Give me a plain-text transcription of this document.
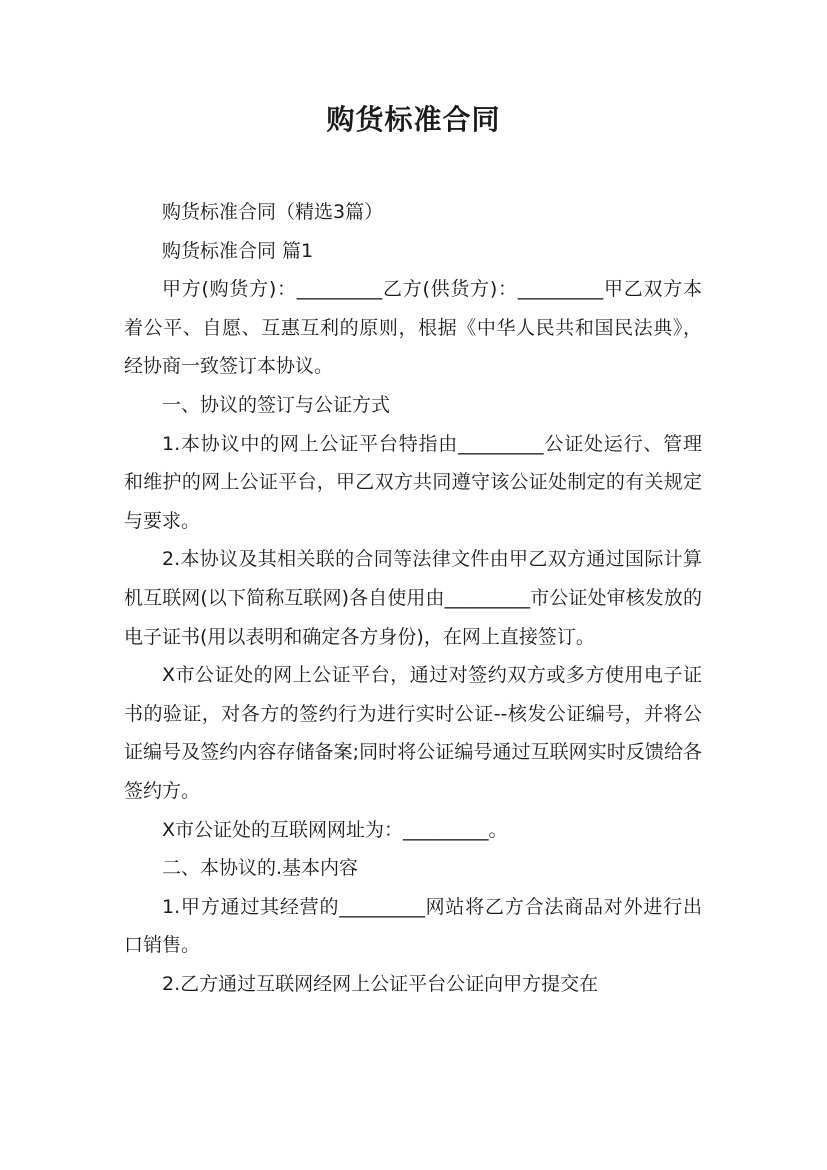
购货标准合同

购货标准合同（精选3篇）

购货标准合同 篇1

甲方(购货方)：_________乙方(供货方)：_________甲乙双方本着公平、自愿、互惠互利的原则，根据《中华人民共和国民法典》，经协商一致签订本协议。

一、协议的签订与公证方式

1.本协议中的网上公证平台特指由_________公证处运行、管理和维护的网上公证平台，甲乙双方共同遵守该公证处制定的有关规定与要求。

2.本协议及其相关联的合同等法律文件由甲乙双方通过国际计算机互联网(以下简称互联网)各自使用由_________市公证处审核发放的电子证书(用以表明和确定各方身份)，在网上直接签订。

X市公证处的网上公证平台，通过对签约双方或多方使用电子证书的验证，对各方的签约行为进行实时公证--核发公证编号，并将公证编号及签约内容存储备案;同时将公证编号通过互联网实时反馈给各签约方。

X市公证处的互联网网址为：_________。

二、本协议的.基本内容

1.甲方通过其经营的_________网站将乙方合法商品对外进行出口销售。

2.乙方通过互联网经网上公证平台公证向甲方提交在
